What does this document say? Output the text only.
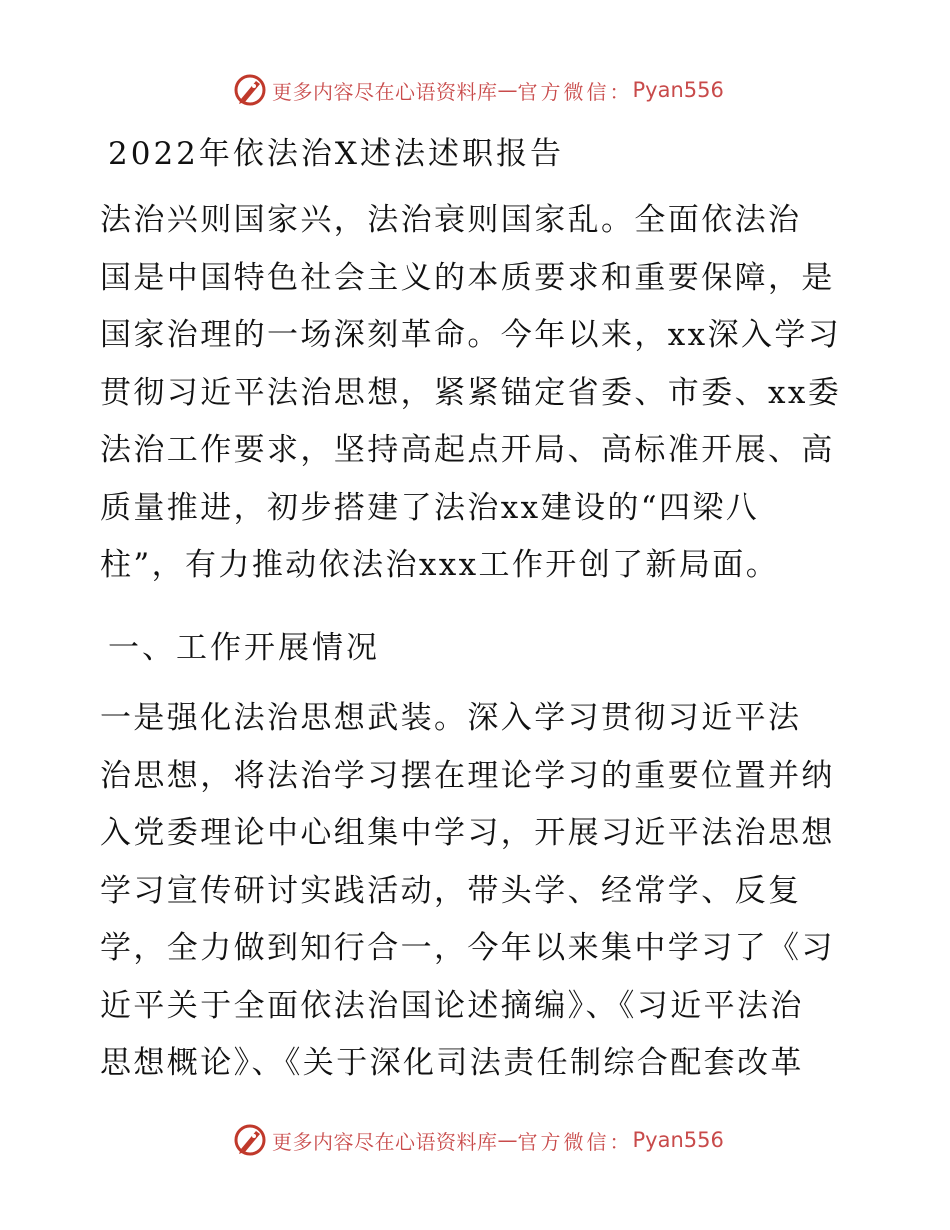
更多内容尽在心语资料库 — 官方微信： Pyan556
2022年依法治X述法述职报告
法治兴则国家兴，法治衰则国家乱。全面依法治
国是中国特色社会主义的本质要求和重要保障，是
国家治理的一场深刻革命。今年以来，xx深入学习
贯彻习近平法治思想，紧紧锚定省委、市委、xx委
法治工作要求，坚持高起点开局、高标准开展、高
质量推进，初步搭建了法治xx建设的“四梁八
柱”，有力推动依法治xxx工作开创了新局面。
一、工作开展情况
一是强化法治思想武装。深入学习贯彻习近平法
治思想，将法治学习摆在理论学习的重要位置并纳
入党委理论中心组集中学习，开展习近平法治思想
学习宣传研讨实践活动，带头学、经常学、反复
学，全力做到知行合一，今年以来集中学习了《习
近平关于全面依法治国论述摘编》、《习近平法治
思想概论》、《关于深化司法责任制综合配套改革
更多内容尽在心语资料库 — 官方微信： Pyan556
